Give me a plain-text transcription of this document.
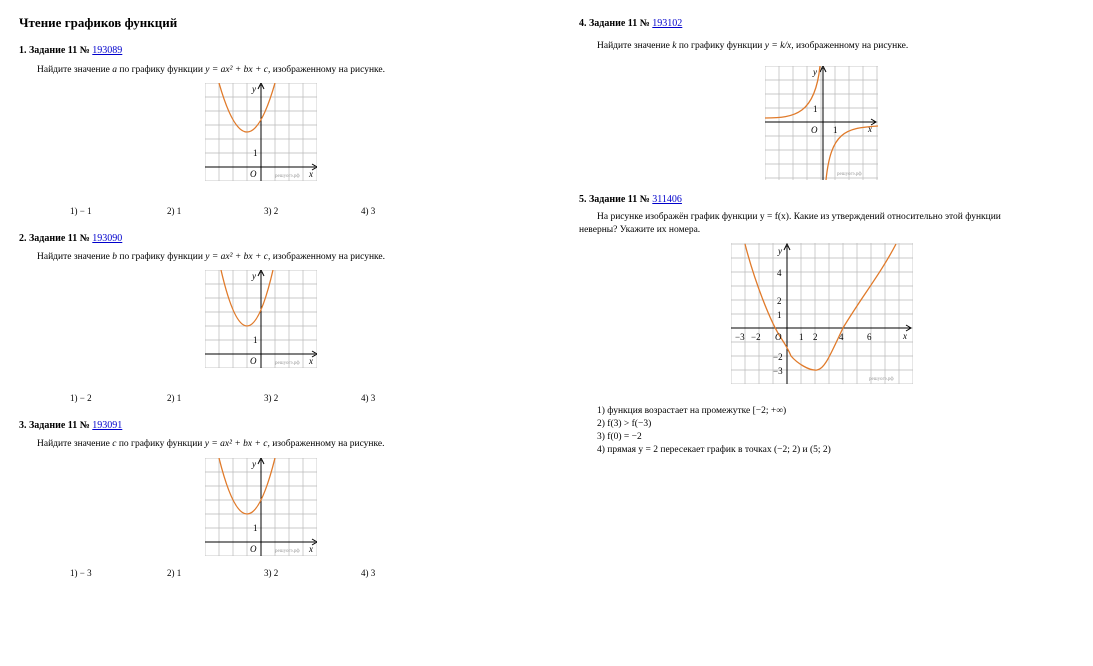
Чтение графиков функций
1. Задание 11 № 193089
Найдите значение a по графику функции y = ax² + bx + c, изображенному на рисунке.
y
x
O
1
решуогэ.рф
1) − 1	2) 1	3) 2	4) 3
2. Задание 11 № 193090
Найдите значение b по графику функции y = ax² + bx + c, изображенному на рисунке.
y
x
O
1
решуогэ.рф
1) − 2	2) 1	3) 2	4) 3
3. Задание 11 № 193091
Найдите значение c по графику функции y = ax² + bx + c, изображенному на рисунке.
y
x
O
1
решуогэ.рф
1) − 3	2) 1	3) 2	4) 3
4. Задание 11 № 193102
Найдите значение k по графику функции y = k/x, изображенному на рисунке.
y
x
O
1
1
решуогэ.рф
5. Задание 11 № 311406
На рисунке изображён график функции y = f(x). Какие из утверждений относительно этой функции
неверны? Укажите их номера.
y
x
O
−3 −2	1 2 4	6
4
2
1
−2
−3
решуогэ.рф
1) функция возрастает на промежутке [−2; +∞)
2) f(3) > f(−3)
3) f(0) = −2
4) прямая y = 2 пересекает график в точках (−2; 2) и (5; 2)
